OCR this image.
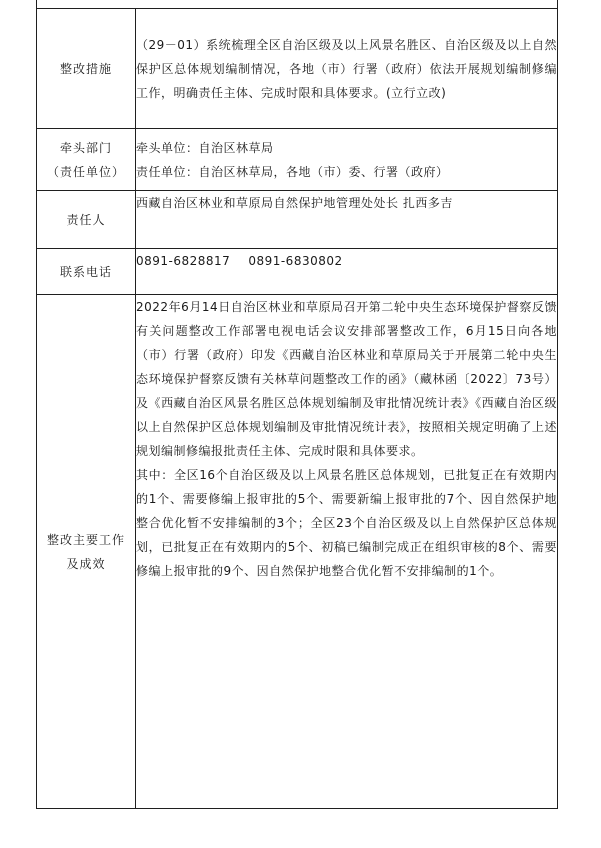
整改措施	（29－01）系统梳理全区自治区级及以上风景名胜区、自治区级及以上自然保护区总体规划编制情况，各地（市）行署（政府）依法开展规划编制修编工作，明确责任主体、完成时限和具体要求。(立行立改)

牵头部门
（责任单位）	牵头单位：自治区林草局
责任单位：自治区林草局，各地（市）委、行署（政府）

责任人	西藏自治区林业和草原局自然保护地管理处处长 扎西多吉

联系电话	0891-6828817 0891-6830802

整改主要工作
及成效	2022年6月14日自治区林业和草原局召开第二轮中央生态环境保护督察反馈有关问题整改工作部署电视电话会议安排部署整改工作，6月15日向各地（市）行署（政府）印发《西藏自治区林业和草原局关于开展第二轮中央生态环境保护督察反馈有关林草问题整改工作的函》（藏林函〔2022〕73号）及《西藏自治区风景名胜区总体规划编制及审批情况统计表》《西藏自治区级以上自然保护区总体规划编制及审批情况统计表》，按照相关规定明确了上述规划编制修编报批责任主体、完成时限和具体要求。
其中：全区16个自治区级及以上风景名胜区总体规划，已批复正在有效期内的1个、需要修编上报审批的5个、需要新编上报审批的7个、因自然保护地整合优化暂不安排编制的3个；全区23个自治区级及以上自然保护区总体规划，已批复正在有效期内的5个、初稿已编制完成正在组织审核的8个、需要修编上报审批的9个、因自然保护地整合优化暂不安排编制的1个。
